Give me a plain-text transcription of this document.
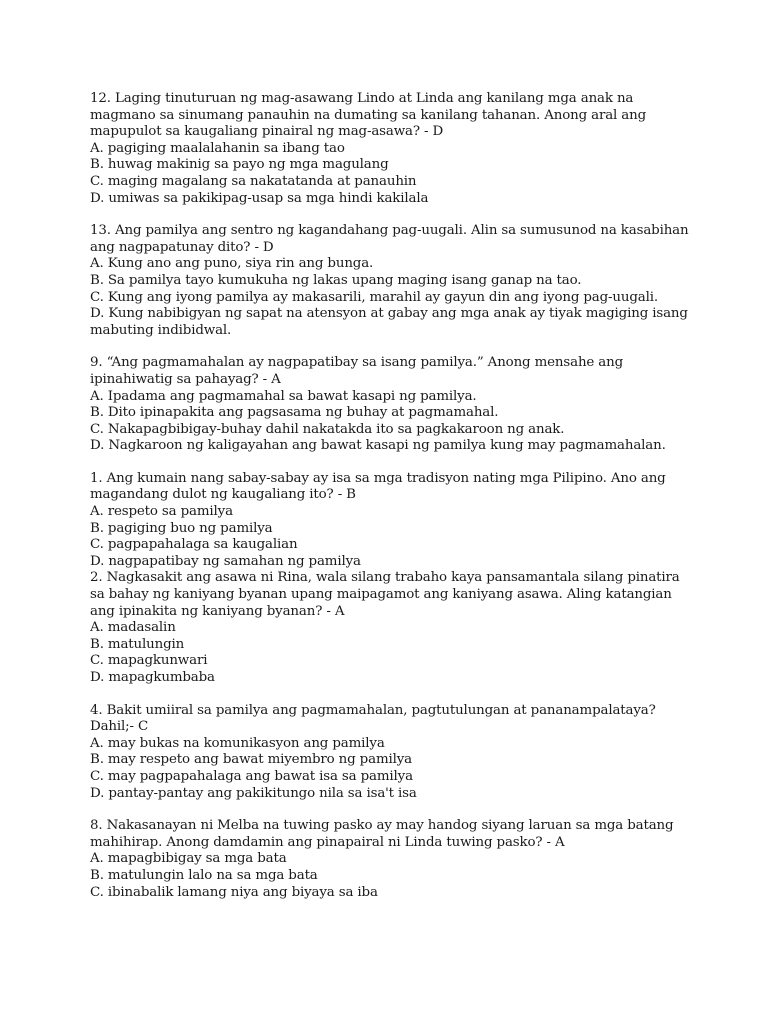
12. Laging tinuturuan ng mag-asawang Lindo at Linda ang kanilang mga anak na magmano sa sinumang panauhin na dumating sa kanilang tahanan. Anong aral ang mapupulot sa kaugaliang pinairal ng mag-asawa? - D
A. pagiging maalalahanin sa ibang tao
B. huwag makinig sa payo ng mga magulang
C. maging magalang sa nakatatanda at panauhin
D. umiwas sa pakikipag-usap sa mga hindi kakilala
13. Ang pamilya ang sentro ng kagandahang pag-uugali. Alin sa sumusunod na kasabihan ang nagpapatunay dito? - D
A. Kung ano ang puno, siya rin ang bunga.
B. Sa pamilya tayo kumukuha ng lakas upang maging isang ganap na tao.
C. Kung ang iyong pamilya ay makasarili, marahil ay gayun din ang iyong pag-uugali.
D. Kung nabibigyan ng sapat na atensyon at gabay ang mga anak ay tiyak magiging isang mabuting indibidwal.
9. “Ang pagmamahalan ay nagpapatibay sa isang pamilya.” Anong mensahe ang ipinahiwatig sa pahayag? - A
A. Ipadama ang pagmamahal sa bawat kasapi ng pamilya.
B. Dito ipinapakita ang pagsasama ng buhay at pagmamahal.
C. Nakapagbibigay-buhay dahil nakatakda ito sa pagkakaroon ng anak.
D. Nagkaroon ng kaligayahan ang bawat kasapi ng pamilya kung may pagmamahalan.
1. Ang kumain nang sabay-sabay ay isa sa mga tradisyon nating mga Pilipino. Ano ang magandang dulot ng kaugaliang ito? - B
A. respeto sa pamilya
B. pagiging buo ng pamilya
C. pagpapahalaga sa kaugalian
D. nagpapatibay ng samahan ng pamilya
2. Nagkasakit ang asawa ni Rina, wala silang trabaho kaya pansamantala silang pinatira sa bahay ng kaniyang byanan upang maipagamot ang kaniyang asawa. Aling katangian ang ipinakita ng kaniyang byanan? - A
A. madasalin
B. matulungin
C. mapagkunwari
D. mapagkumbaba
4. Bakit umiiral sa pamilya ang pagmamahalan, pagtutulungan at pananampalataya? Dahil;- C
A. may bukas na komunikasyon ang pamilya
B. may respeto ang bawat miyembro ng pamilya
C. may pagpapahalaga ang bawat isa sa pamilya
D. pantay-pantay ang pakikitungo nila sa isa't isa
8. Nakasanayan ni Melba na tuwing pasko ay may handog siyang laruan sa mga batang mahihirap. Anong damdamin ang pinapairal ni Linda tuwing pasko? - A
A. mapagbibigay sa mga bata
B. matulungin lalo na sa mga bata
C. ibinabalik lamang niya ang biyaya sa iba
